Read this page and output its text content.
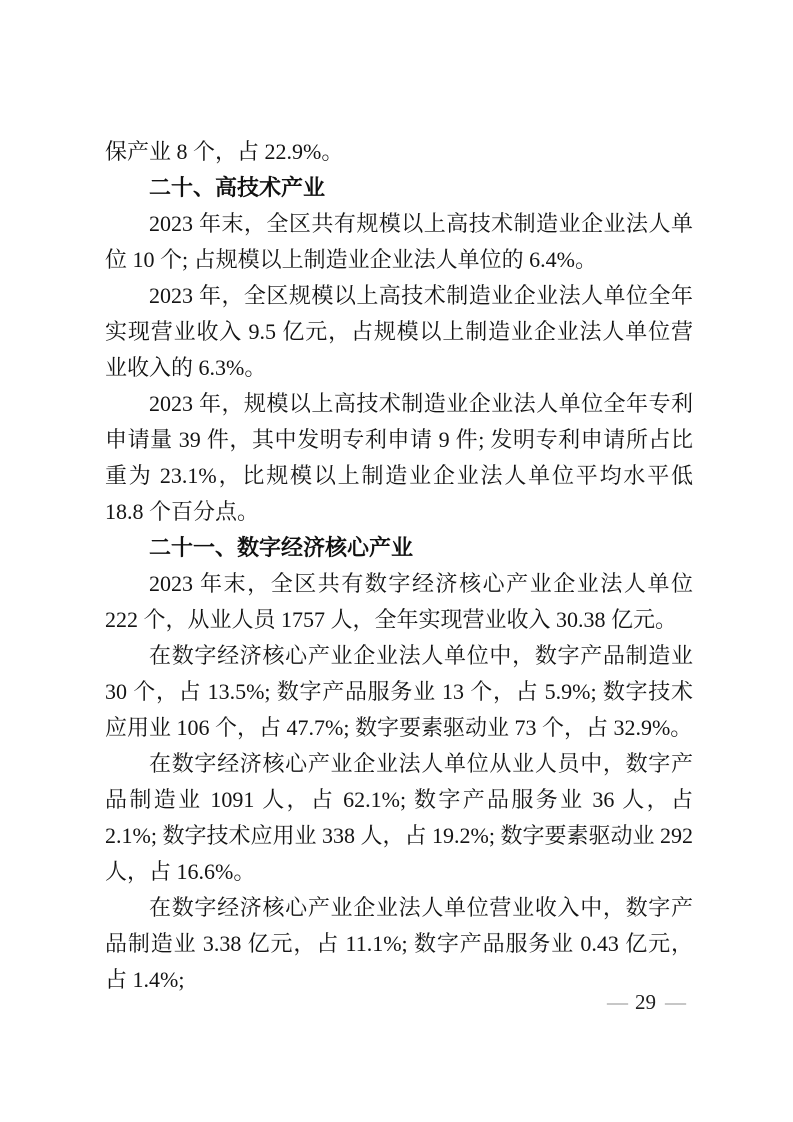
保产业 8 个，占 22.9%。

二十、高技术产业

2023 年末，全区共有规模以上高技术制造业企业法人单位 10 个; 占规模以上制造业企业法人单位的 6.4%。

2023 年，全区规模以上高技术制造业企业法人单位全年实现营业收入 9.5 亿元，占规模以上制造业企业法人单位营业收入的 6.3%。

2023 年，规模以上高技术制造业企业法人单位全年专利申请量 39 件，其中发明专利申请 9 件; 发明专利申请所占比重为 23.1%，比规模以上制造业企业法人单位平均水平低 18.8 个百分点。

二十一、数字经济核心产业

2023 年末，全区共有数字经济核心产业企业法人单位 222 个，从业人员 1757 人，全年实现营业收入 30.38 亿元。

在数字经济核心产业企业法人单位中，数字产品制造业 30 个，占 13.5%; 数字产品服务业 13 个，占 5.9%; 数字技术应用业 106 个，占 47.7%; 数字要素驱动业 73 个，占 32.9%。

在数字经济核心产业企业法人单位从业人员中，数字产品制造业 1091 人，占 62.1%; 数字产品服务业 36 人，占 2.1%; 数字技术应用业 338 人，占 19.2%; 数字要素驱动业 292 人，占 16.6%。

在数字经济核心产业企业法人单位营业收入中，数字产品制造业 3.38 亿元，占 11.1%; 数字产品服务业 0.43 亿元，占 1.4%;

— 29 —
